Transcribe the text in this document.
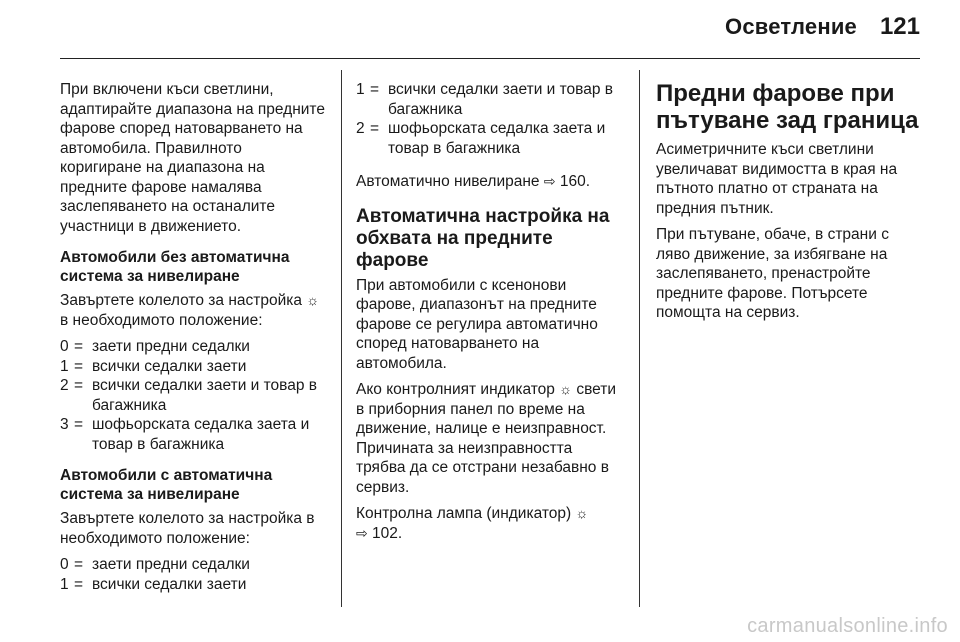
Осветление 121

При включени къси светлини, адаптирайте диапазона на предните фарове според натоварването на автомобила. Правилното коригиране на диапазона на предните фарове намалява заслепяването на останалите участници в движението.

Автомобили без автоматична система за нивелиране

Завъртете колелото за настройка ☼ в необходимото положение:

0 = заети предни седалки
1 = всички седалки заети
2 = всички седалки заети и товар в багажника
3 = шофьорската седалка заета и товар в багажника
Автомобили с автоматична система за нивелиране

Завъртете колелото за настройка в необходимото положение:

0 = заети предни седалки
1 = всички седалки заети
1 = всички седалки заети и товар в багажника
2 = шофьорската седалка заета и товар в багажника

Автоматично нивелиране ⇨ 160.

Автоматична настройка на обхвата на предните фарове

При автомобили с ксенонови фарове, диапазонът на предните фарове се регулира автоматично според натоварването на автомобила.

Ако контролният индикатор ☼ свети в приборния панел по време на движение, налице е неизправност. Причината за неизправността трябва да се отстрани незабавно в сервиз.

Контролна лампа (индикатор) ☼
⇨ 102.

Предни фарове при пътуване зад граница

Асиметричните къси светлини увеличават видимостта в края на пътното платно от страната на предния пътник.

При пътуване, обаче, в страни с ляво движение, за избягване на заслепяването, пренастройте предните фарове. Потърсете помощта на сервиз.

carmanualsonline.info
